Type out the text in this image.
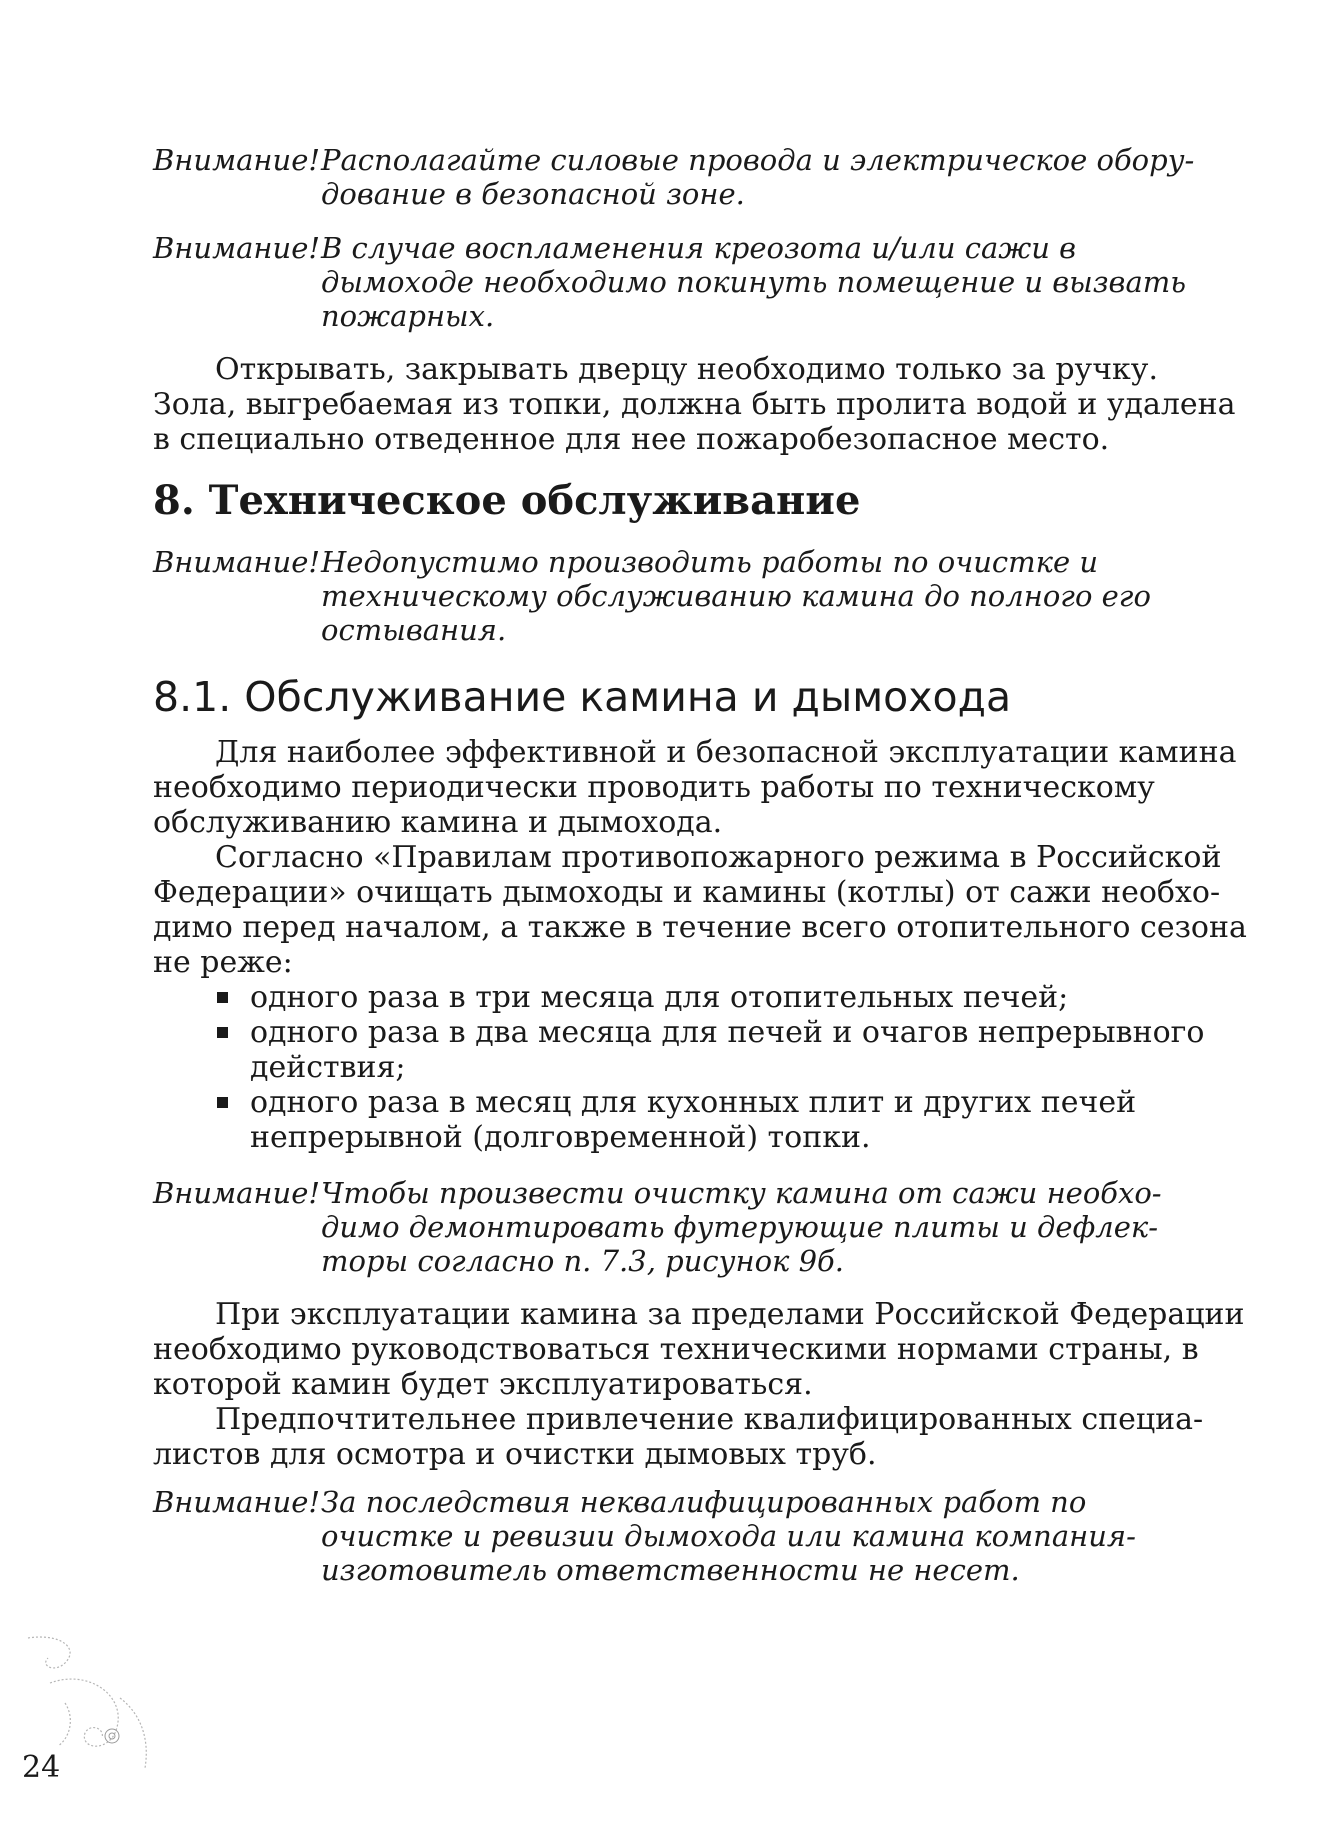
Внимание! Располагайте силовые провода и электрическое обору-
дование в безопасной зоне.
Внимание! В случае воспламенения креозота и/или сажи в
дымоходе необходимо покинуть помещение и вызвать
пожарных.
Открывать, закрывать дверцу необходимо только за ручку.
Зола, выгребаемая из топки, должна быть пролита водой и удалена
в специально отведенное для нее пожаробезопасное место.
8. Техническое обслуживание
Внимание! Недопустимо производить работы по очистке и
техническому обслуживанию камина до полного его
остывания.
8.1. Обслуживание камина и дымохода
Для наиболее эффективной и безопасной эксплуатации камина
необходимо периодически проводить работы по техническому
обслуживанию камина и дымохода.
Согласно «Правилам противопожарного режима в Российской
Федерации» очищать дымоходы и камины (котлы) от сажи необхо-
димо перед началом, а также в течение всего отопительного сезона
не реже:
одного раза в три месяца для отопительных печей;
одного раза в два месяца для печей и очагов непрерывного
действия;
одного раза в месяц для кухонных плит и других печей
непрерывной (долговременной) топки.
Внимание! Чтобы произвести очистку камина от сажи необхо-
димо демонтировать футерующие плиты и дефлек-
торы согласно п. 7.3, рисунок 9б.
При эксплуатации камина за пределами Российской Федерации
необходимо руководствоваться техническими нормами страны, в
которой камин будет эксплуатироваться.
Предпочтительнее привлечение квалифицированных специа-
листов для осмотра и очистки дымовых труб.
Внимание! За последствия неквалифицированных работ по
очистке и ревизии дымохода или камина компания-
изготовитель ответственности не несет.
24
